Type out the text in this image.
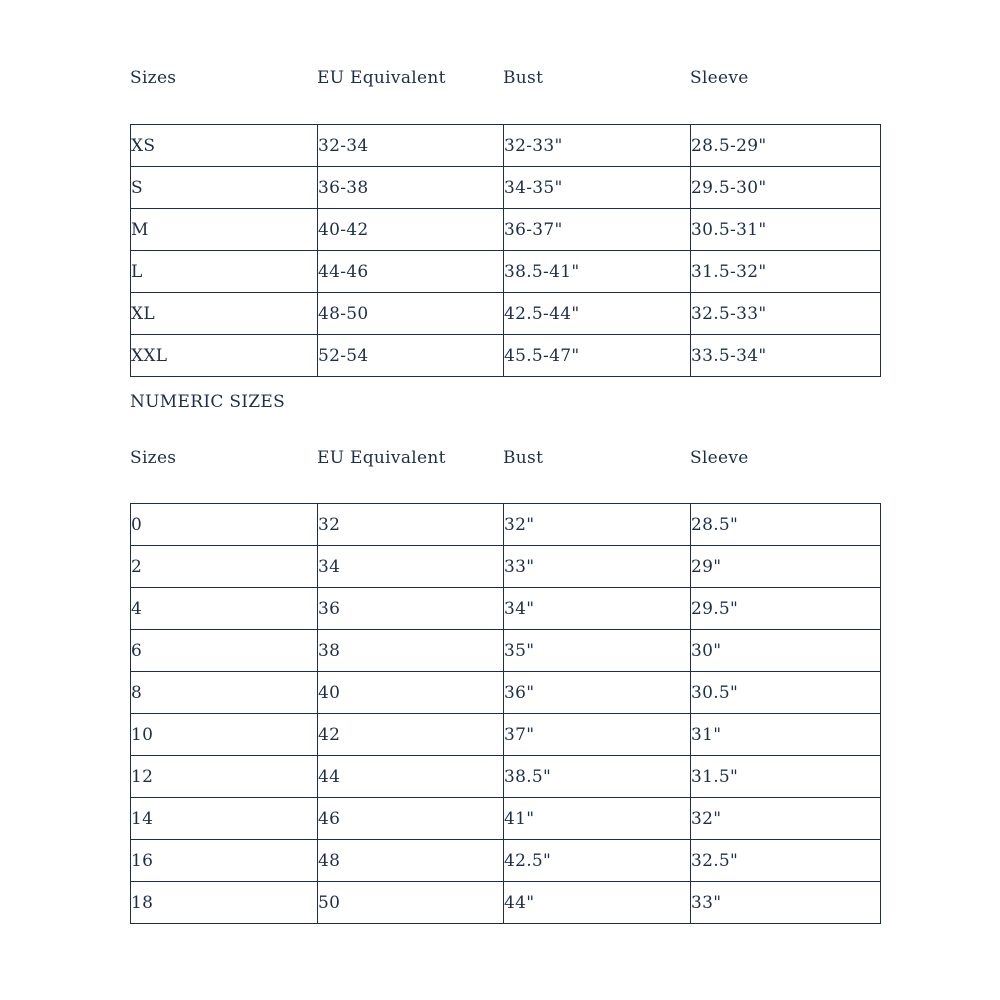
Sizes	EU Equivalent	Bust	Sleeve
XS	32-34	32-33"	28.5-29"
S	36-38	34-35"	29.5-30"
M	40-42	36-37"	30.5-31"
L	44-46	38.5-41"	31.5-32"
XL	48-50	42.5-44"	32.5-33"
XXL	52-54	45.5-47"	33.5-34"
NUMERIC SIZES
Sizes	EU Equivalent	Bust	Sleeve
0	32	32"	28.5"
2	34	33"	29"
4	36	34"	29.5"
6	38	35"	30"
8	40	36"	30.5"
10	42	37"	31"
12	44	38.5"	31.5"
14	46	41"	32"
16	48	42.5"	32.5"
18	50	44"	33"
